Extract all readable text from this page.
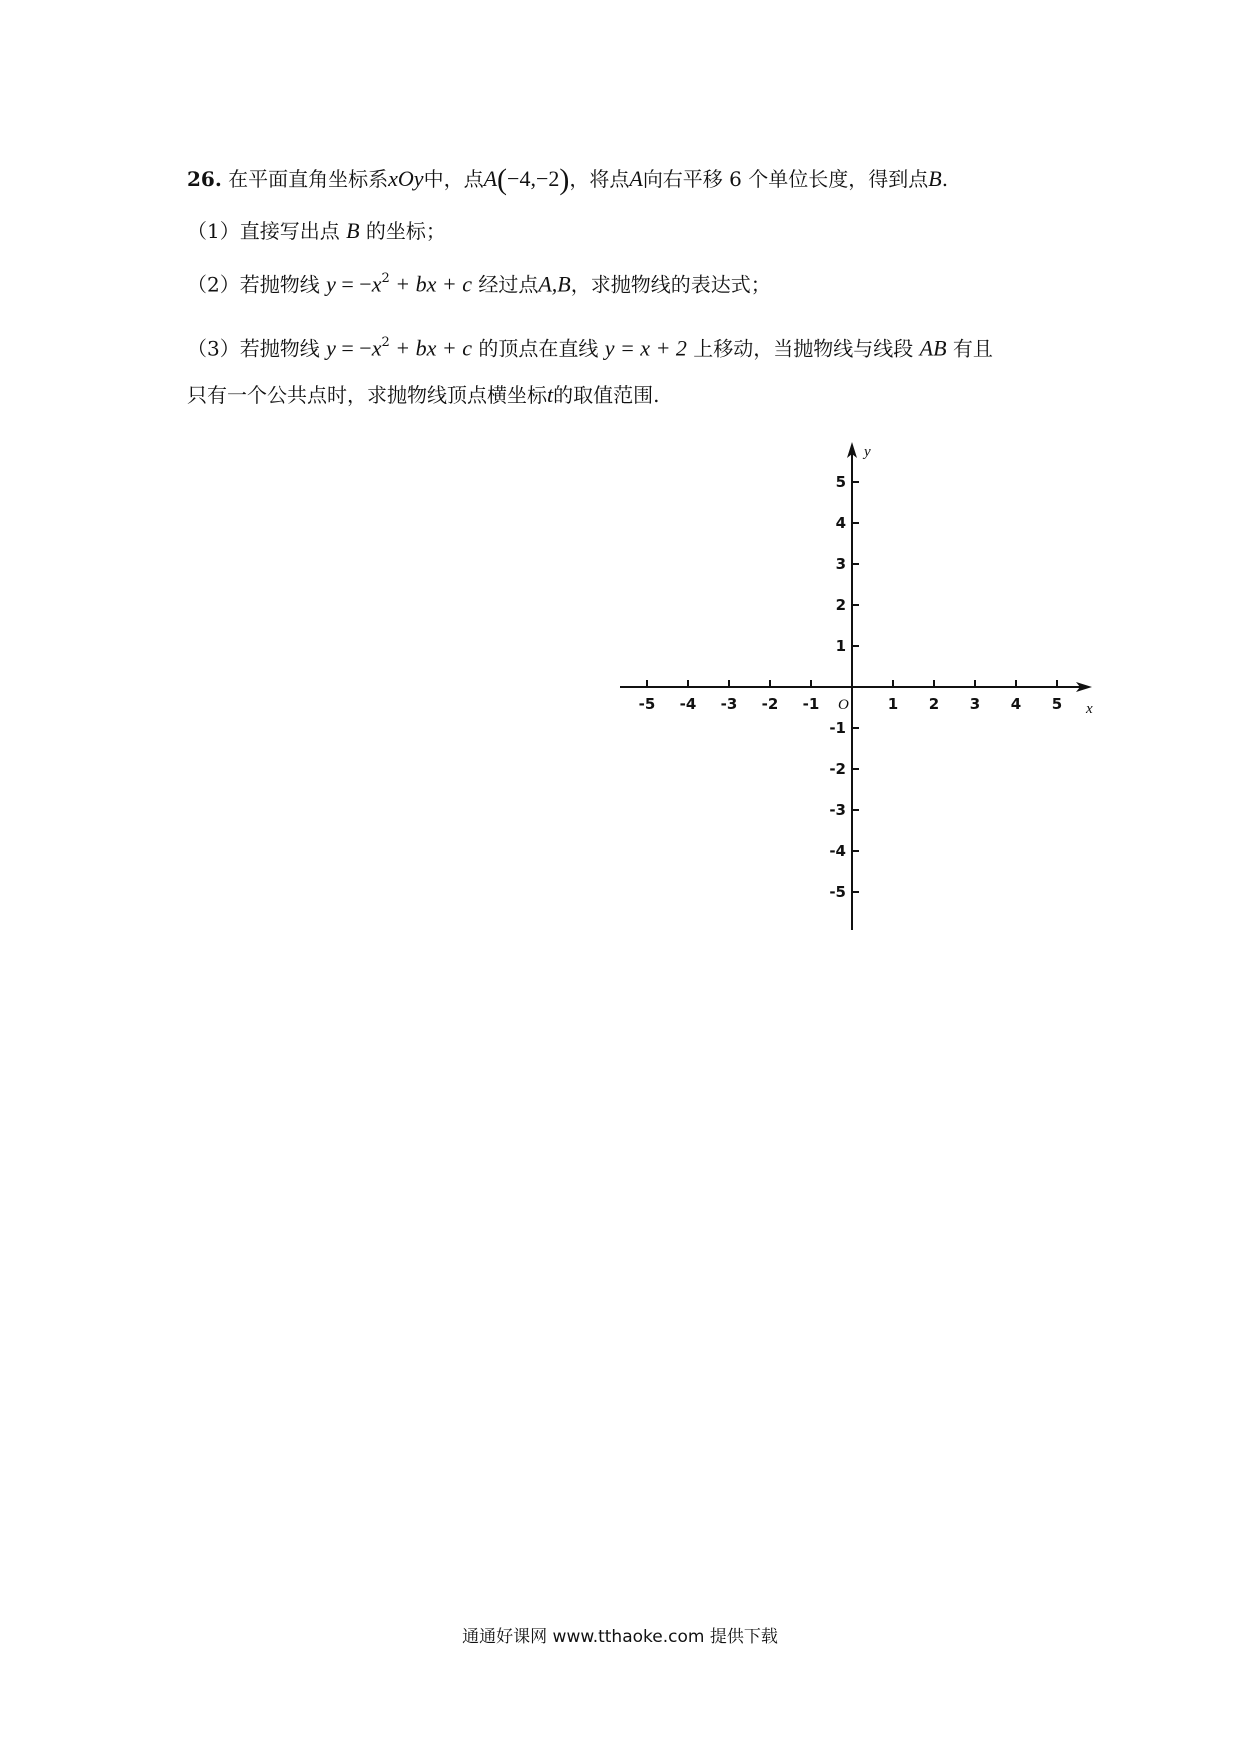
26. 在平面直角坐标系xOy中，点A(−4,−2)，将点A向右平移 6 个单位长度，得到点B.
（1）直接写出点 B 的坐标；
（2）若抛物线 $y = -x^2$ + bx + c 经过点A,B，求抛物线的表达式；
（3）若抛物线 $y = -x^2$ + bx + c 的顶点在直线 y = x + 2 上移动，当抛物线与线段 AB 有且
只有一个公共点时，求抛物线顶点横坐标t的取值范围.
-5 -4 -3 -2 -1	1 2 3 4 5
5
4
3
2
1
-1
-2
-3
-4
-5
x
y
O
通通好课网 www.tthaoke.com 提供下载
